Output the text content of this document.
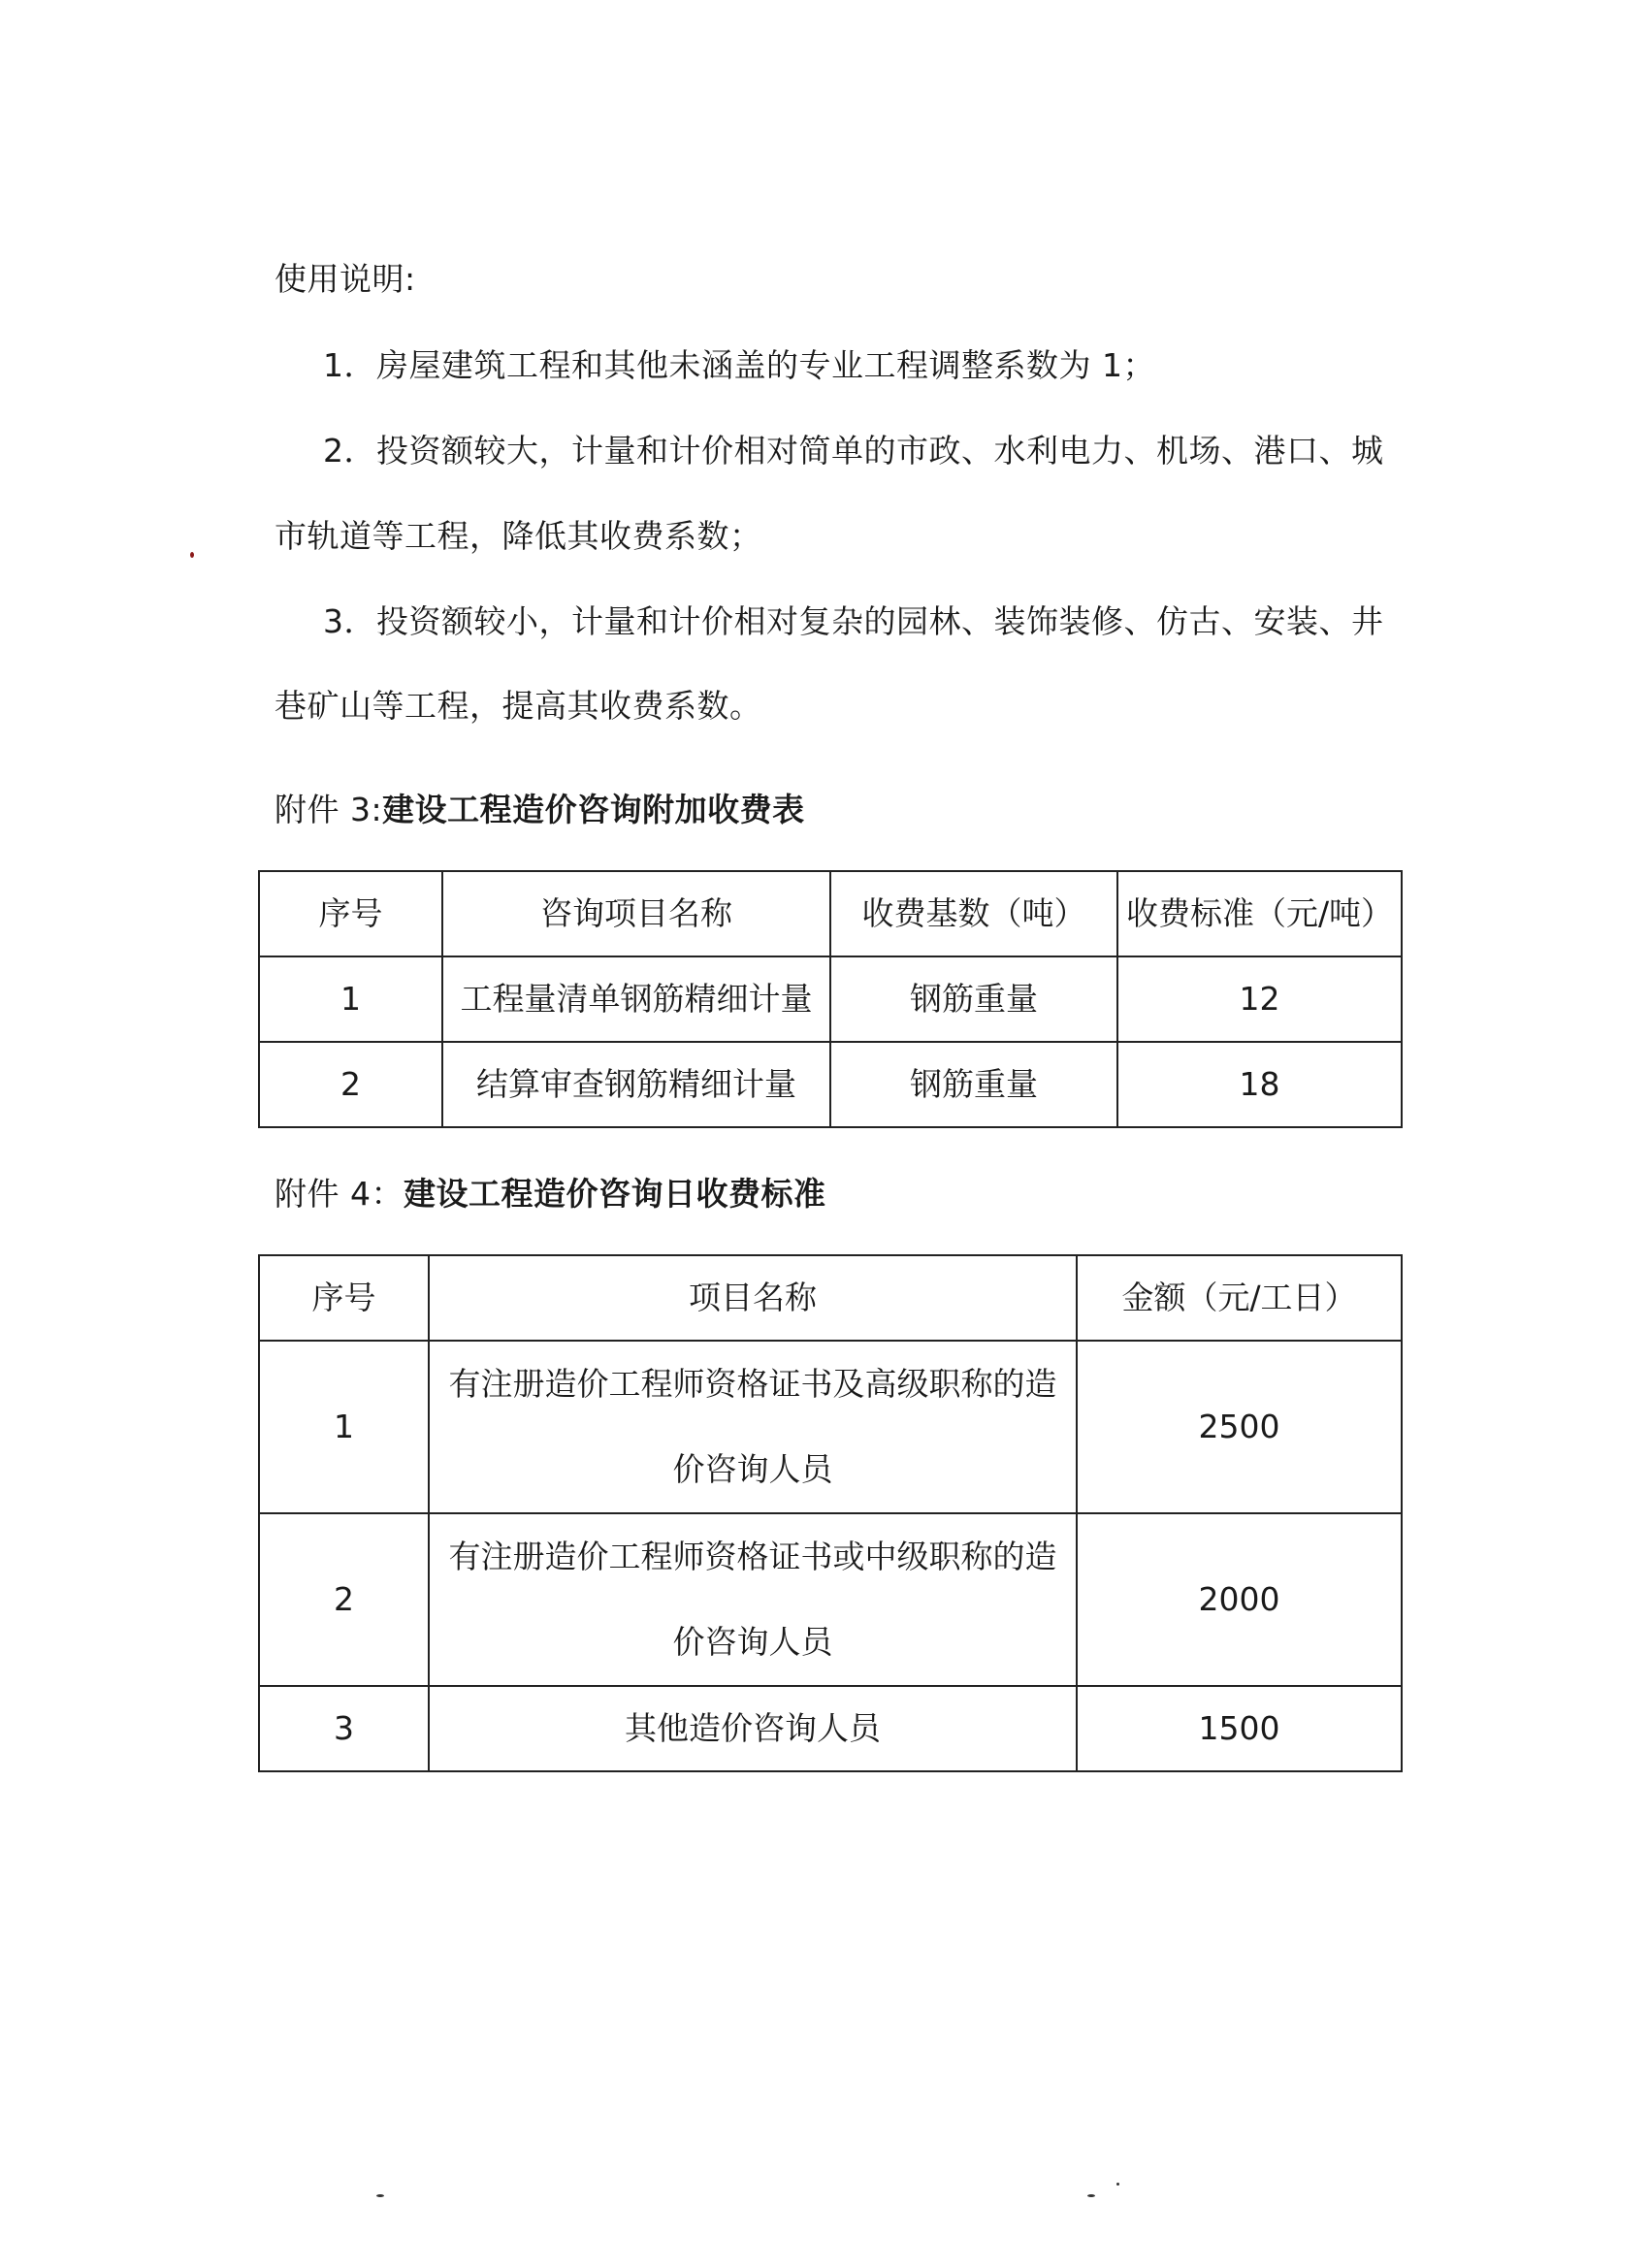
使用说明:
1．房屋建筑工程和其他未涵盖的专业工程调整系数为 1；
2．投资额较大，计量和计价相对简单的市政、水利电力、机场、港口、城
市轨道等工程，降低其收费系数；
3．投资额较小，计量和计价相对复杂的园林、装饰装修、仿古、安装、井
巷矿山等工程，提高其收费系数。
附件 3:建设工程造价咨询附加收费表
序号	咨询项目名称	收费基数（吨）	收费标准（元/吨）
1	工程量清单钢筋精细计量	钢筋重量	12
2	结算审查钢筋精细计量	钢筋重量	18
附件 4：建设工程造价咨询日收费标准
序号	项目名称	金额（元/工日）
1	有注册造价工程师资格证书及高级职称的造
价咨询人员	2500
2	有注册造价工程师资格证书或中级职称的造
价咨询人员	2000
3	其他造价咨询人员	1500
